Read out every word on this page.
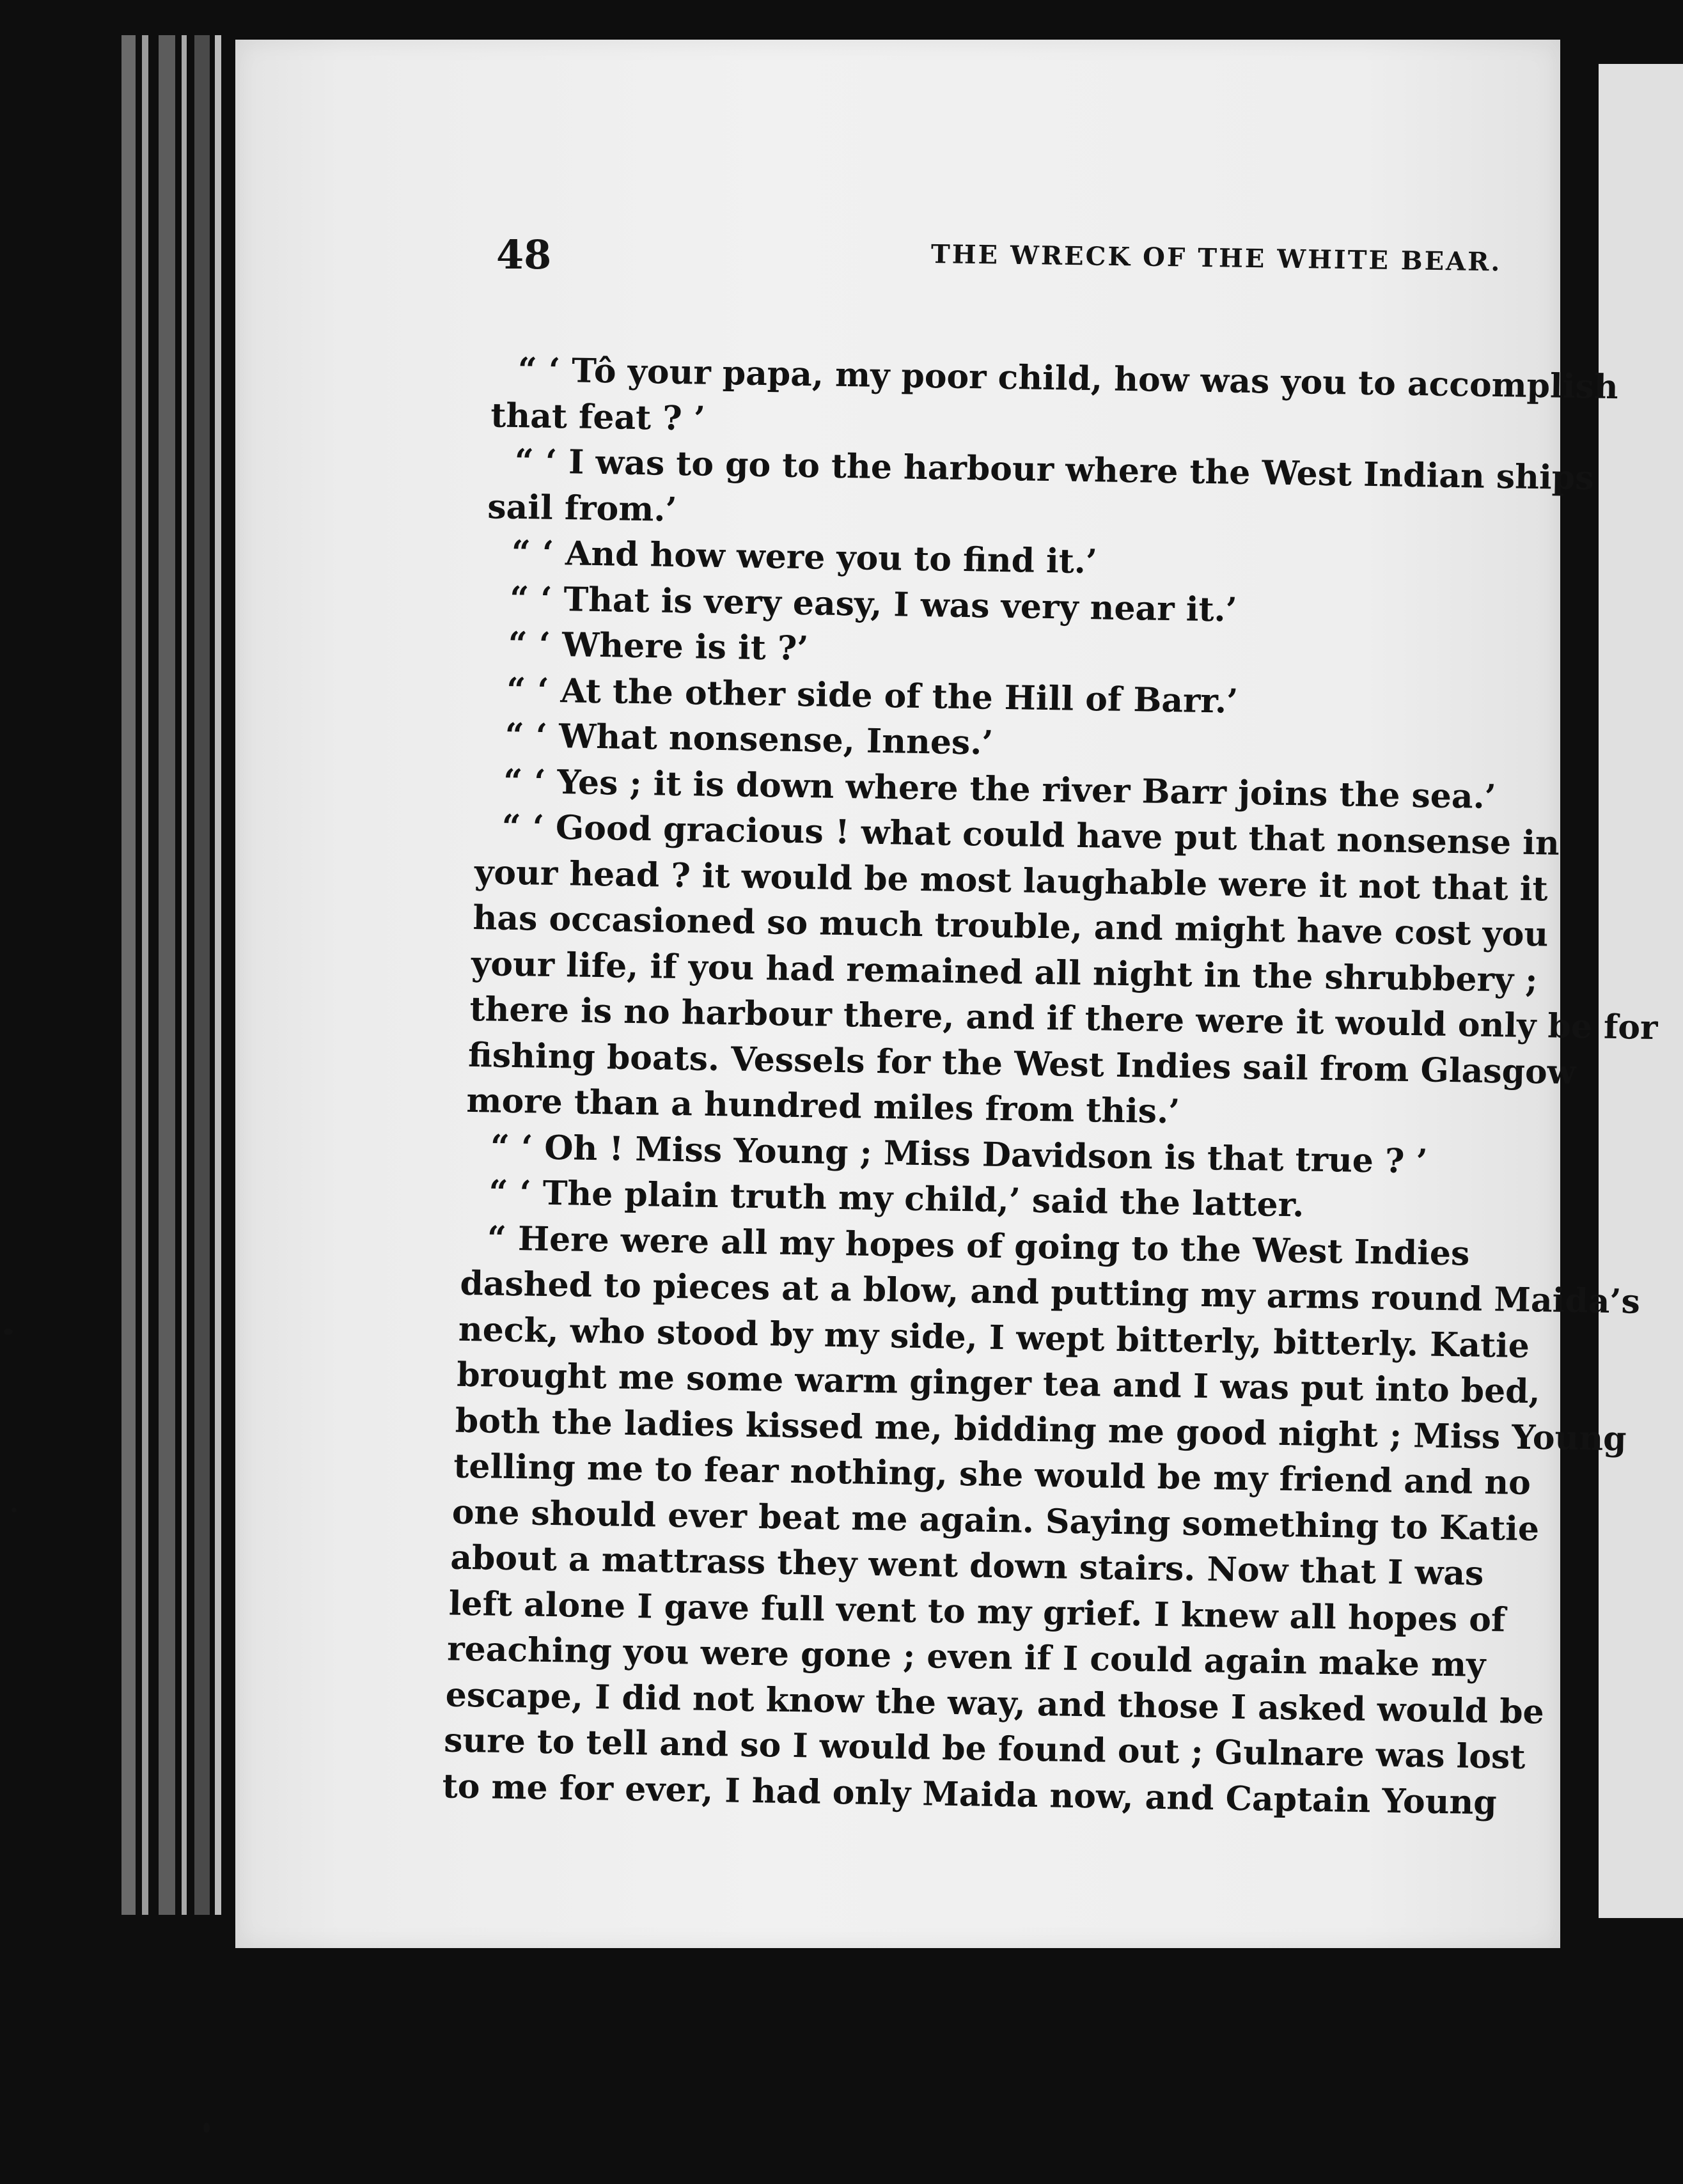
48	THE WRECK OF THE WHITE BEAR.

“ ‘ Tô your papa, my poor child, how was you to accomplish

that feat ? ’

“ ‘ I was to go to the harbour where the West Indian ships

sail from.’

“ ‘ And how were you to find it.’

“ ‘ That is very easy, I was very near it.’

“ ‘ Where is it ?’

“ ‘ At the other side of the Hill of Barr.’

“ ‘ What nonsense, Innes.’

“ ‘ Yes ; it is down where the river Barr joins the sea.’

“ ‘ Good gracious ! what could have put that nonsense in

your head ? it would be most laughable were it not that it

has occasioned so much trouble, and might have cost you

your life, if you had remained all night in the shrubbery ;

there is no harbour there, and if there were it would only be for

fishing boats. Vessels for the West Indies sail from Glasgow

more than a hundred miles from this.’

“ ‘ Oh ! Miss Young ; Miss Davidson is that true ? ’

“ ‘ The plain truth my child,’ said the latter.

“ Here were all my hopes of going to the West Indies

dashed to pieces at a blow, and putting my arms round Maida’s

neck, who stood by my side, I wept bitterly, bitterly. Katie

brought me some warm ginger tea and I was put into bed,

both the ladies kissed me, bidding me good night ; Miss Young

telling me to fear nothing, she would be my friend and no

one should ever beat me again. Saying something to Katie

about a mattrass they went down stairs. Now that I was

left alone I gave full vent to my grief. I knew all hopes of

reaching you were gone ; even if I could again make my

escape, I did not know the way, and those I asked would be

sure to tell and so I would be found out ; Gulnare was lost

to me for ever, I had only Maida now, and Captain Young
